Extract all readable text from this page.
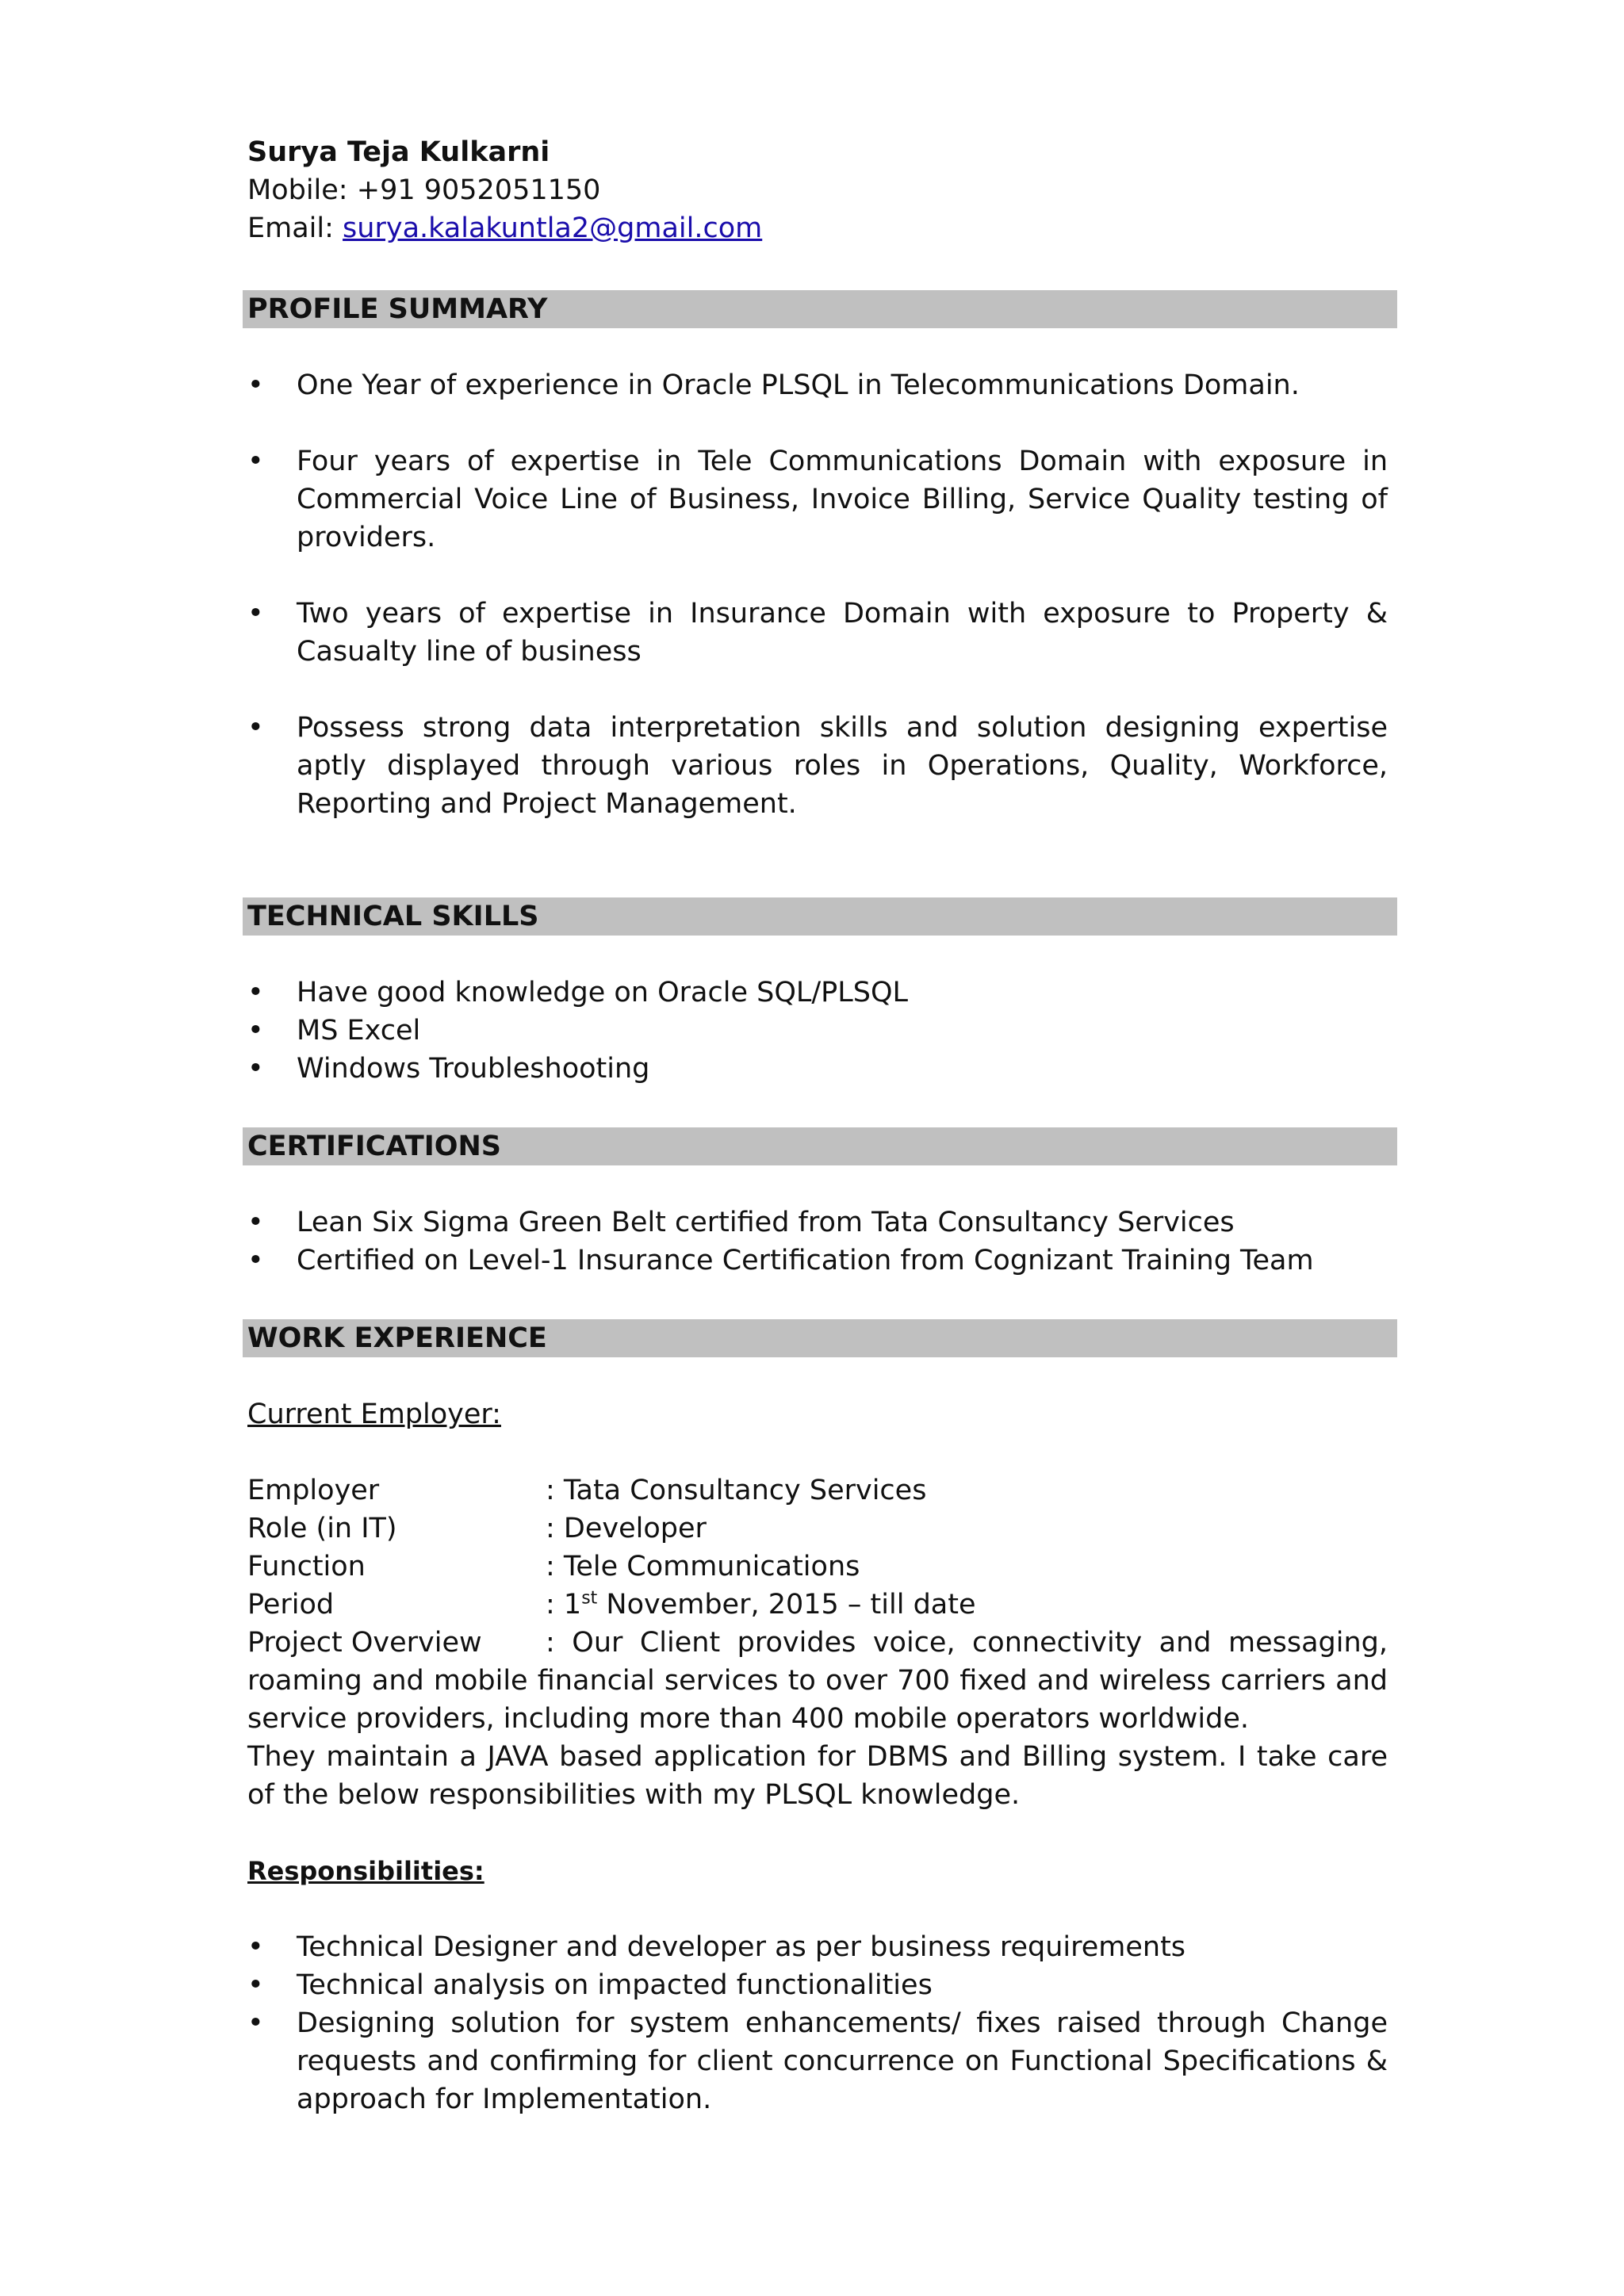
Surya Teja Kulkarni
Mobile: +91 9052051150
Email: surya.kalakuntla2@gmail.com
PROFILE SUMMARY
• One Year of experience in Oracle PLSQL in Telecommunications Domain.
• Four years of expertise in Tele Communications Domain with exposure in Commercial Voice Line of Business, Invoice Billing, Service Quality testing of providers.
• Two years of expertise in Insurance Domain with exposure to Property & Casualty line of business
• Possess strong data interpretation skills and solution designing expertise aptly displayed through various roles in Operations, Quality, Workforce, Reporting and Project Management.
TECHNICAL SKILLS
• Have good knowledge on Oracle SQL/PLSQL
• MS Excel
• Windows Troubleshooting
CERTIFICATIONS
• Lean Six Sigma Green Belt certified from Tata Consultancy Services
• Certified on Level-1 Insurance Certification from Cognizant Training Team
WORK EXPERIENCE
Current Employer:
Employer	: Tata Consultancy Services
Role (in IT)	: Developer
Function	: Tele Communications
Period	: 1st November, 2015 – till date
Project Overview : Our Client provides voice, connectivity and messaging, roaming and mobile financial services to over 700 fixed and wireless carriers and service providers, including more than 400 mobile operators worldwide.
They maintain a JAVA based application for DBMS and Billing system. I take care of the below responsibilities with my PLSQL knowledge.
Responsibilities:
• Technical Designer and developer as per business requirements
• Technical analysis on impacted functionalities
• Designing solution for system enhancements/ fixes raised through Change requests and confirming for client concurrence on Functional Specifications & approach for Implementation.
